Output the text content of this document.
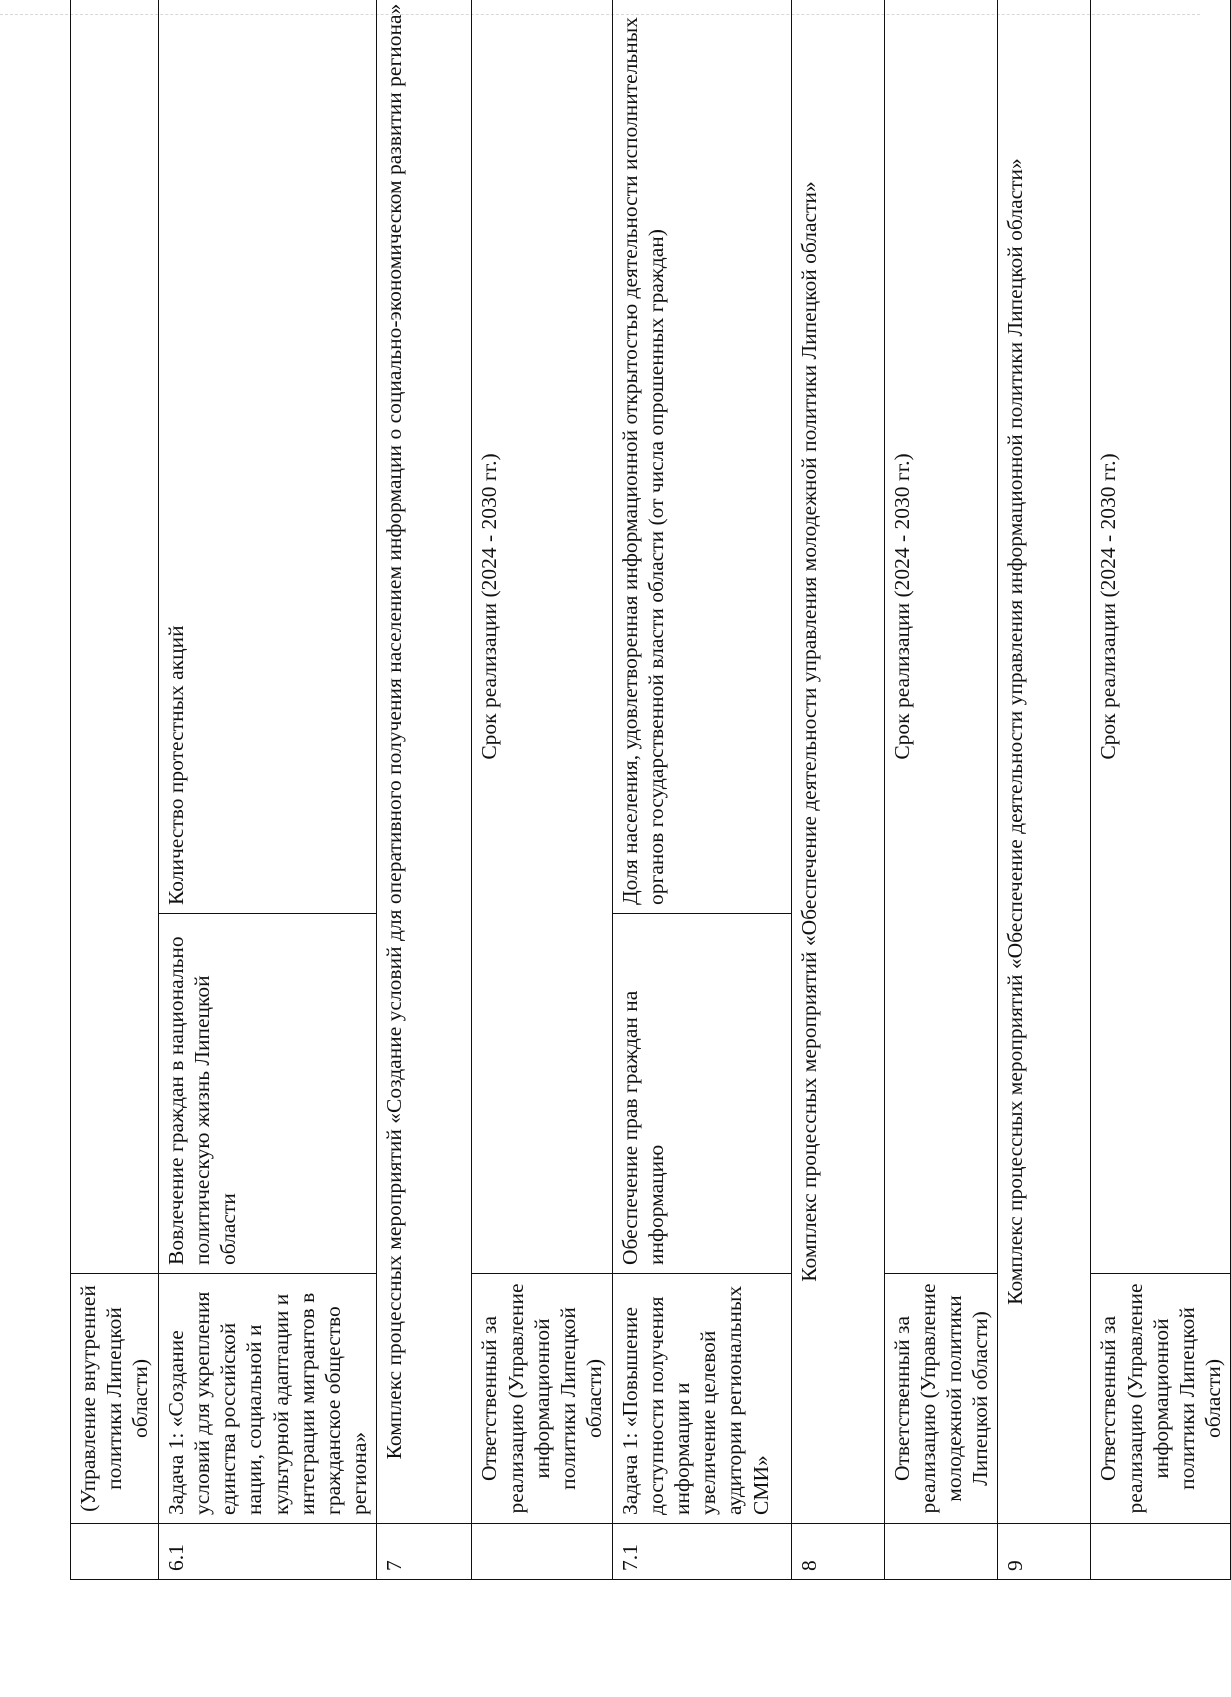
	(Управление внутренней политики Липецкой области)		
6.1	Задача 1: «Создание условий для укрепления единства российской нации, социальной и культурной адаптации и интеграции мигрантов в гражданское общество региона»	Вовлечение граждан в национально политическую жизнь Липецкой области	Количество протестных акций
7	Комплекс процессных мероприятий «Создание условий для оперативного получения населением информации о социально-экономическом развитии региона»		
	Ответственный за реализацию (Управление информационной политики Липецкой области)	Срок реализации (2024 - 2030 гг.)	
7.1	Задача 1: «Повышение доступности получения информации и увеличение целевой аудитории региональных СМИ»	Обеспечение прав граждан на информацию	Доля населения, удовлетворенная информационной открытостью деятельности исполнительных органов государственной власти области (от числа опрошенных граждан)
8	Комплекс процессных мероприятий «Обеспечение деятельности управления молодежной политики Липецкой области»		
	Ответственный за реализацию (Управление молодежной политики Липецкой области)	Срок реализации (2024 - 2030 гг.)	
9	Комплекс процессных мероприятий «Обеспечение деятельности управления информационной политики Липецкой области»		
	Ответственный за реализацию (Управление информационной политики Липецкой области)	Срок реализации (2024 - 2030 гг.)	
